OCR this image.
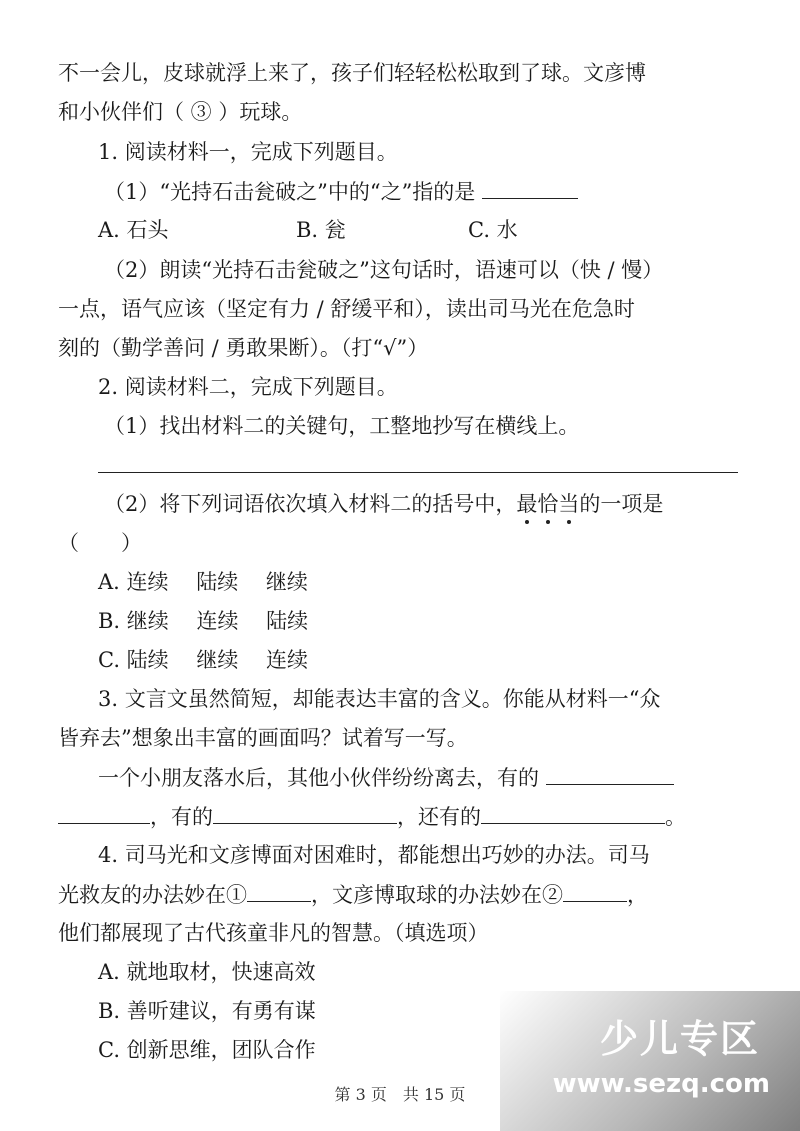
不一会儿，皮球就浮上来了，孩子们轻轻松松取到了球。文彦博
和小伙伴们（ ③ ）玩球。
1. 阅读材料一，完成下列题目。
（1）“光持石击瓮破之”中的“之”指的是
A. 石头	B. 瓮	C. 水
（2）朗读“光持石击瓮破之”这句话时，语速可以（快 / 慢）
一点，语气应该（坚定有力 / 舒缓平和），读出司马光在危急时
刻的（勤学善问 / 勇敢果断）。（打“√”）
2. 阅读材料二，完成下列题目。
（1）找出材料二的关键句，工整地抄写在横线上。
（2）将下列词语依次填入材料二的括号中，最恰当的一项是
（　　）
A. 连续　 陆续　 继续
B. 继续　 连续　 陆续
C. 陆续　 继续　 连续
3. 文言文虽然简短，却能表达丰富的含义。你能从材料一“众
皆弃去”想象出丰富的画面吗？试着写一写。
一个小朋友落水后，其他小伙伴纷纷离去，有的
，有的	，还有的	。
4. 司马光和文彦博面对困难时，都能想出巧妙的办法。司马
光救友的办法妙在①	，文彦博取球的办法妙在②	，
他们都展现了古代孩童非凡的智慧。（填选项）
A. 就地取材，快速高效
B. 善听建议，有勇有谋
C. 创新思维，团队合作	少儿专区
www.sezq.com
第 3 页　共 15 页
